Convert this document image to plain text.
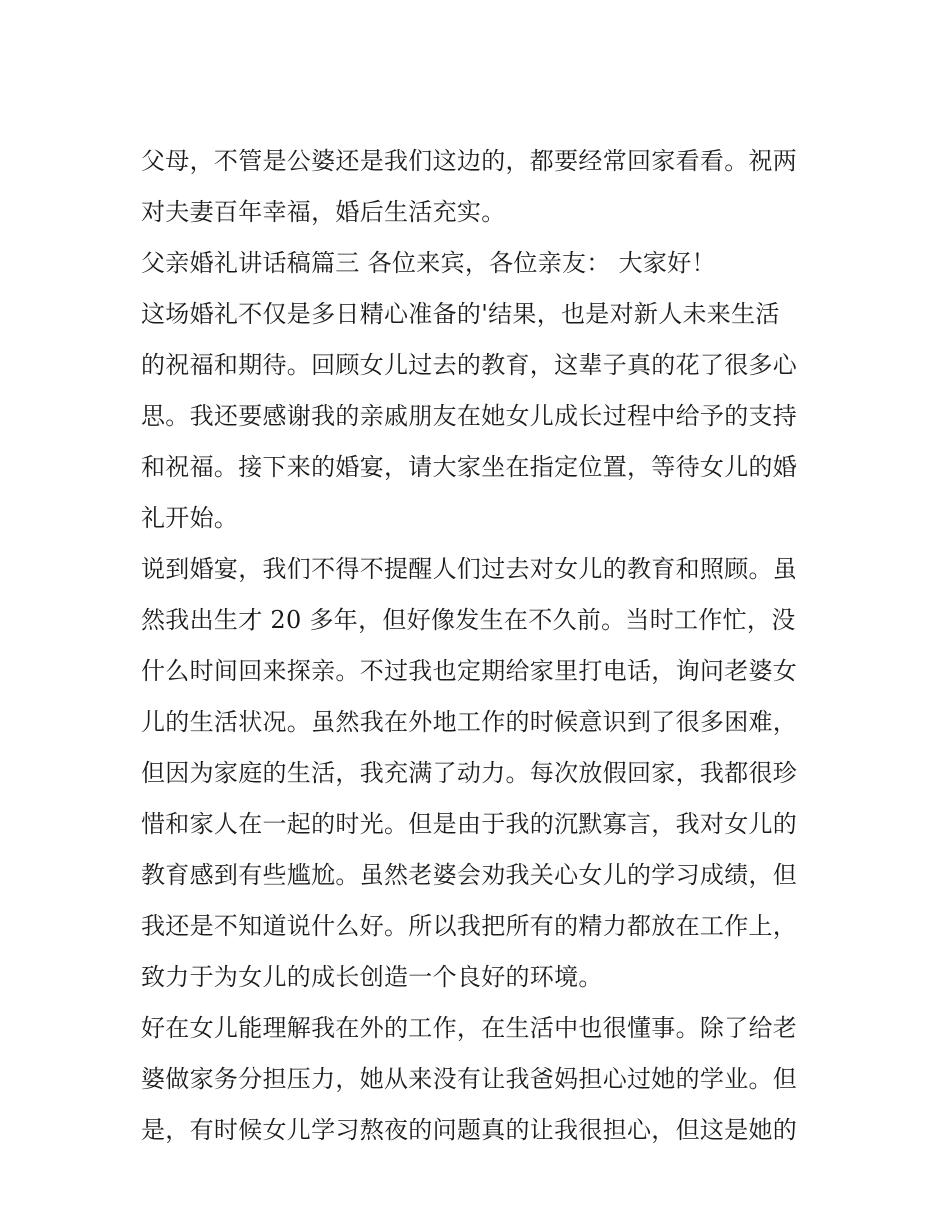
父母，不管是公婆还是我们这边的，都要经常回家看看。祝两
对夫妻百年幸福，婚后生活充实。
父亲婚礼讲话稿篇三 各位来宾，各位亲友： 大家好！
这场婚礼不仅是多日精心准备的'结果，也是对新人未来生活
的祝福和期待。回顾女儿过去的教育，这辈子真的花了很多心
思。我还要感谢我的亲戚朋友在她女儿成长过程中给予的支持
和祝福。接下来的婚宴，请大家坐在指定位置，等待女儿的婚
礼开始。
说到婚宴，我们不得不提醒人们过去对女儿的教育和照顾。虽
然我出生才 20 多年，但好像发生在不久前。当时工作忙，没
什么时间回来探亲。不过我也定期给家里打电话，询问老婆女
儿的生活状况。虽然我在外地工作的时候意识到了很多困难，
但因为家庭的生活，我充满了动力。每次放假回家，我都很珍
惜和家人在一起的时光。但是由于我的沉默寡言，我对女儿的
教育感到有些尴尬。虽然老婆会劝我关心女儿的学习成绩，但
我还是不知道说什么好。所以我把所有的精力都放在工作上，
致力于为女儿的成长创造一个良好的环境。
好在女儿能理解我在外的工作，在生活中也很懂事。除了给老
婆做家务分担压力，她从来没有让我爸妈担心过她的学业。但
是，有时候女儿学习熬夜的问题真的让我很担心，但这是她的
